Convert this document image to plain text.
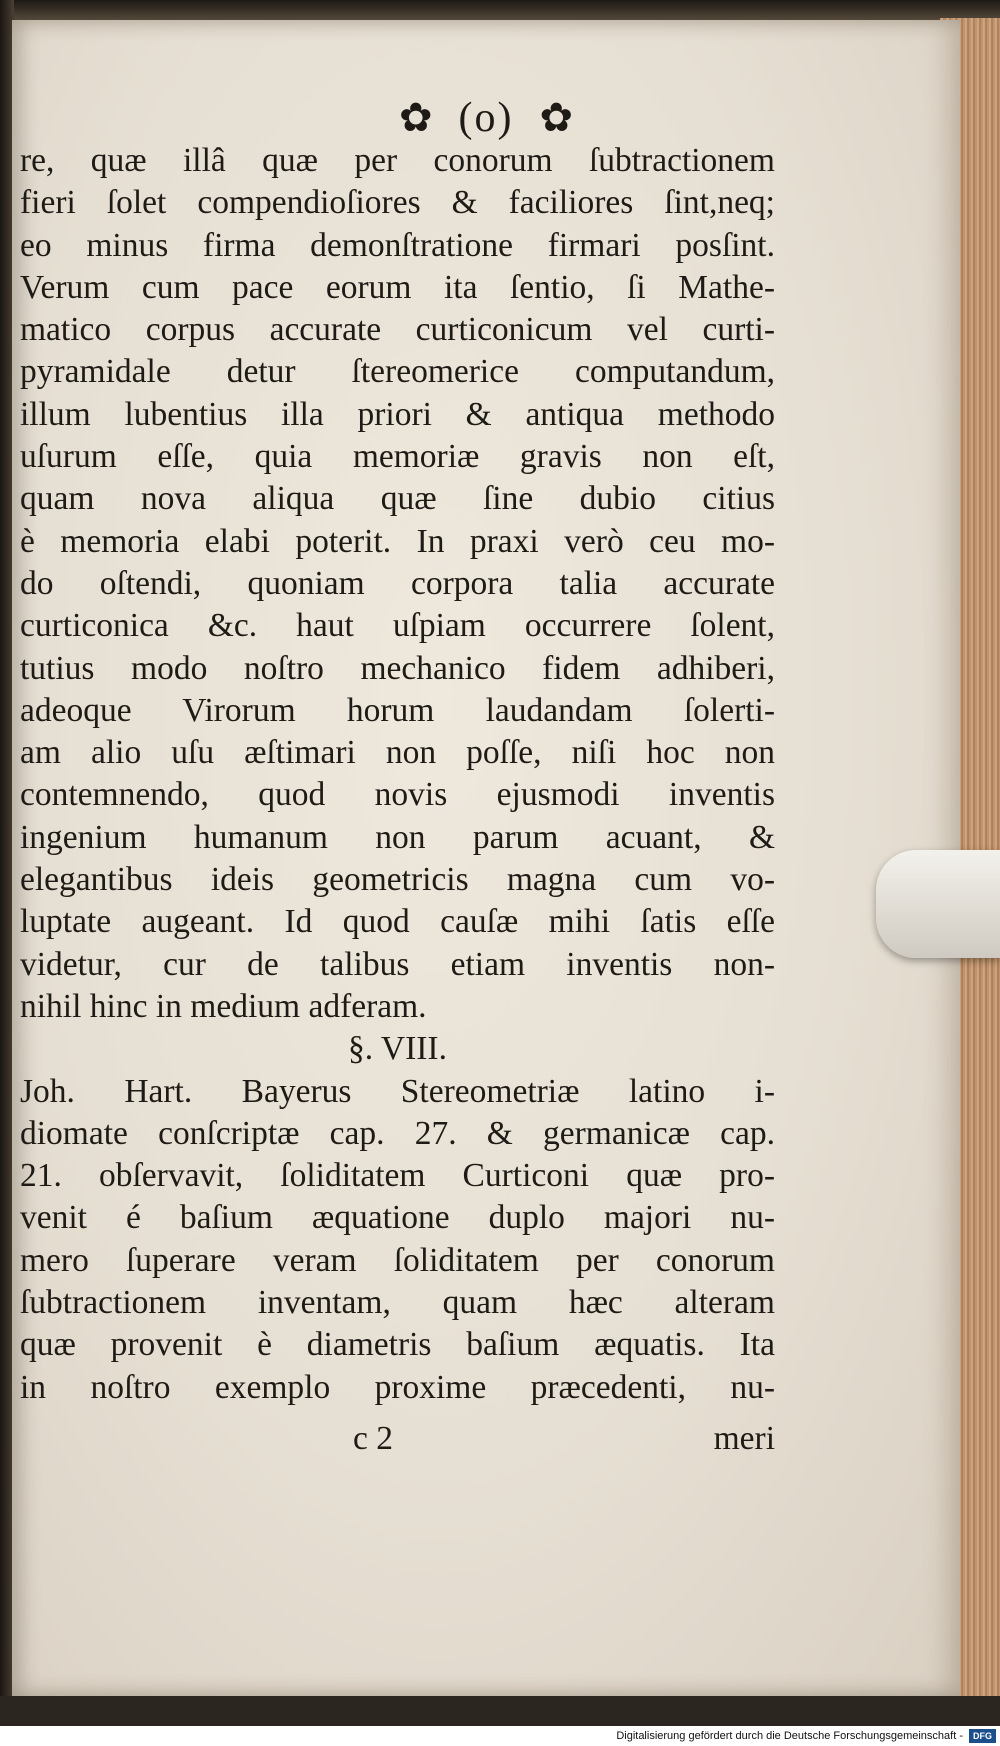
✿ (o) ✿
re, quæ illâ quæ per conorum ſubtractionem
fieri ſolet compendioſiores & faciliores ſint,neq;
eo minus firma demonſtratione firmari posſint.
Verum cum pace eorum ita ſentio, ſi Mathe-
matico corpus accurate curticonicum vel curti-
pyramidale detur ſtereomerice computandum,
illum lubentius illa priori & antiqua methodo
uſurum eſſe, quia memoriæ gravis non eſt,
quam nova aliqua quæ ſine dubio citius
è memoria elabi poterit. In praxi verò ceu mo-
do oſtendi, quoniam corpora talia accurate
curticonica &c. haut uſpiam occurrere ſolent,
tutius modo noſtro mechanico fidem adhiberi,
adeoque Virorum horum laudandam ſolerti-
am alio uſu æſtimari non poſſe, niſi hoc non
contemnendo, quod novis ejusmodi inventis
ingenium humanum non parum acuant, &
elegantibus ideis geometricis magna cum vo-
luptate augeant. Id quod cauſæ mihi ſatis eſſe
videtur, cur de talibus etiam inventis non-
nihil hinc in medium adferam.
§. VIII.
Joh. Hart. Bayerus Stereometriæ latino i-
diomate conſcriptæ cap. 27. & germanicæ cap.
21. obſervavit, ſoliditatem Curticoni quæ pro-
venit é baſium æquatione duplo majori nu-
mero ſuperare veram ſoliditatem per conorum
ſubtractionem inventam, quam hæc alteram
quæ provenit è diametris baſium æquatis. Ita
in noſtro exemplo proxime præcedenti, nu-
c 2	meri
Digitalisierung gefördert durch die Deutsche Forschungsgemeinschaft -	DFG
